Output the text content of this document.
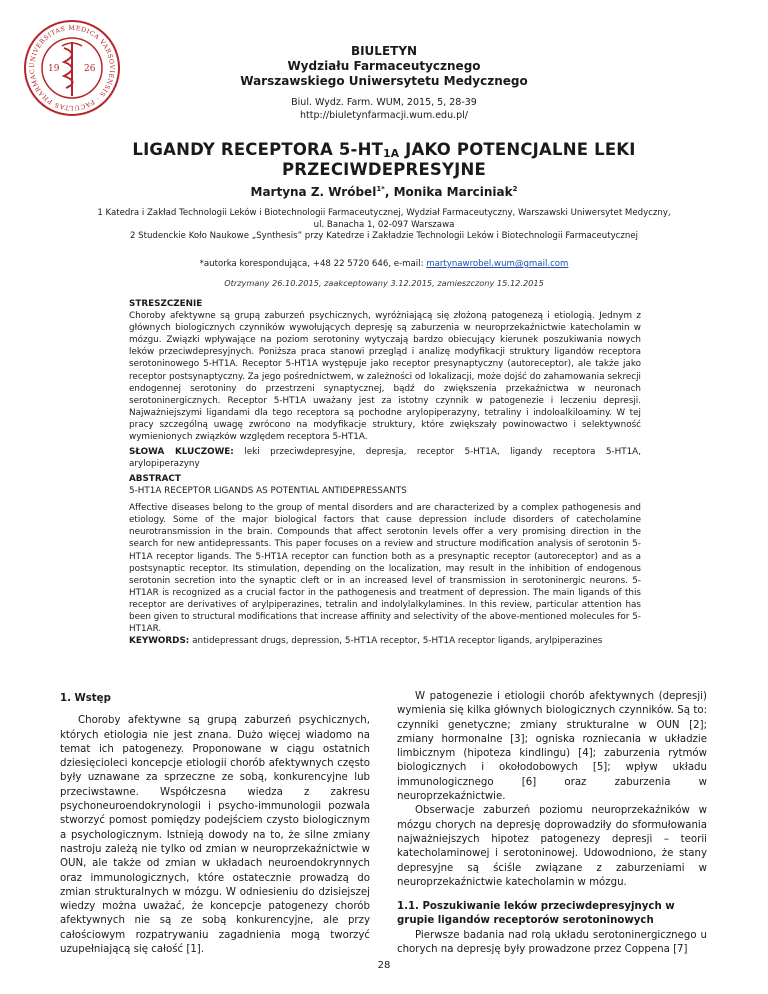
UNIVERSITAS MEDICA VARSOVIENSIS · FACULTAS PHARMAC	19	26
BIULETYN
Wydziału Farmaceutycznego
Warszawskiego Uniwersytetu Medycznego
Biul. Wydz. Farm. WUM, 2015, 5, 28-39
http://biuletynfarmacji.wum.edu.pl/
LIGANDY RECEPTORA $5-HT_{1A}$ JAKO POTENCJALNE LEKI
PRZECIWDEPRESYJNE
Martyna Z. Wróbel$^{1*}$, Monika Marciniak$^2$
1 Katedra i Zakład Technologii Leków i Biotechnologii Farmaceutycznej, Wydział Farmaceutyczny, Warszawski Uniwersytet Medyczny,
ul. Banacha 1, 02-097 Warszawa
2 Studenckie Koło Naukowe „Synthesis” przy Katedrze i Zakładzie Technologii Leków i Biotechnologii Farmaceutycznej
*autorka korespondująca, +48 22 5720 646, e-mail: martynawrobel.wum@gmail.com
Otrzymany 26.10.2015, zaakceptowany 3.12.2015, zamieszczony 15.12.2015
STRESZCZENIE
Choroby afektywne są grupą zaburzeń psychicznych, wyróżniającą się złożoną patogenezą i etiologią. Jednym z głównych biologicznych czynników wywołujących depresję są zaburzenia w neuroprzekaźnictwie katecholamin w mózgu. Związki wpływające na poziom serotoniny wytyczają bardzo obiecujący kierunek poszukiwania nowych leków przeciwdepresyjnych. Poniższa praca stanowi przegląd i analizę modyfikacji struktury ligandów receptora serotoninowego 5-HT1A. Receptor 5-HT1A występuje jako receptor presynaptyczny (autoreceptor), ale także jako receptor postsynaptyczny. Za jego pośrednictwem, w zależności od lokalizacji, może dojść do zahamowania sekrecji endogennej serotoniny do przestrzeni synaptycznej, bądź do zwiększenia przekaźnictwa w neuronach serotoninergicznych. Receptor 5-HT1A uważany jest za istotny czynnik w patogenezie i leczeniu depresji. Najważniejszymi ligandami dla tego receptora są pochodne arylopiperazyny, tetraliny i indoloalkiloaminy. W tej pracy szczególną uwagę zwrócono na modyfikacje struktury, które zwiększały powinowactwo i selektywność wymienionych związków względem receptora 5-HT1A.
SŁOWA KLUCZOWE: leki przeciwdepresyjne, depresja, receptor 5-HT1A, ligandy receptora 5-HT1A, arylopiperazyny
ABSTRACT
5-HT1A RECEPTOR LIGANDS AS POTENTIAL ANTIDEPRESSANTS
Affective diseases belong to the group of mental disorders and are characterized by a complex pathogenesis and etiology. Some of the major biological factors that cause depression include disorders of catecholamine neurotransmission in the brain. Compounds that affect serotonin levels offer a very promising direction in the search for new antidepressants. This paper focuses on a review and structure modification analysis of serotonin 5-HT1A receptor ligands. The 5-HT1A receptor can function both as a presynaptic receptor (autoreceptor) and as a postsynaptic receptor. Its stimulation, depending on the localization, may result in the inhibition of endogenous serotonin secretion into the synaptic cleft or in an increased level of transmission in serotoninergic neurons. 5-HT1AR is recognized as a crucial factor in the pathogenesis and treatment of depression. The main ligands of this receptor are derivatives of arylpiperazines, tetralin and indolylalkylamines. In this review, particular attention has been given to structural modifications that increase affinity and selectivity of the above-mentioned molecules for 5-HT1AR.
KEYWORDS: antidepressant drugs, depression, 5-HT1A receptor, 5-HT1A receptor ligands, arylpiperazines
1. Wstęp

Choroby afektywne są grupą zaburzeń psychicznych, których etiologia nie jest znana. Dużo więcej wiadomo na temat ich patogenezy. Proponowane w ciągu ostatnich dziesięcioleci koncepcje etiologii chorób afektywnych często były uznawane za sprzeczne ze sobą, konkurencyjne lub przeciwstawne. Współczesna wiedza z zakresu psychoneuroendokrynologii i psycho-immunologii pozwala stworzyć pomost pomiędzy podejściem czysto biologicznym a psychologicznym. Istnieją dowody na to, że silne zmiany nastroju zależą nie tylko od zmian w neuroprzekaźnictwie w OUN, ale także od zmian w układach neuroendokrynnych oraz immunologicznych, które ostatecznie prowadzą do zmian strukturalnych w mózgu. W odniesieniu do dzisiejszej wiedzy można uważać, że koncepcje patogenezy chorób afektywnych nie są ze sobą konkurencyjne, ale przy całościowym rozpatrywaniu zagadnienia mogą tworzyć uzupełniającą się całość [1].

W patogenezie i etiologii chorób afektywnych (depresji) wymienia się kilka głównych biologicznych czynników. Są to: czynniki genetyczne; zmiany strukturalne w OUN [2]; zmiany hormonalne [3]; ogniska rozniecania w układzie limbicznym (hipoteza kindlingu) [4]; zaburzenia rytmów biologicznych i okołodobowych [5]; wpływ układu immunologicznego [6] oraz zaburzenia w neuroprzekaźnictwie.

Obserwacje zaburzeń poziomu neuroprzekaźników w mózgu chorych na depresję doprowadziły do sformułowania najważniejszych hipotez patogenezy depresji – teorii katecholaminowej i serotoninowej. Udowodniono, że stany depresyjne są ściśle związane z zaburzeniami w neuroprzekaźnictwie katecholamin w mózgu.

1.1. Poszukiwanie leków przeciwdepresyjnych w grupie ligandów receptorów serotoninowych

Pierwsze badania nad rolą układu serotoninergicznego u chorych na depresję były prowadzone przez Coppena [7]

28
